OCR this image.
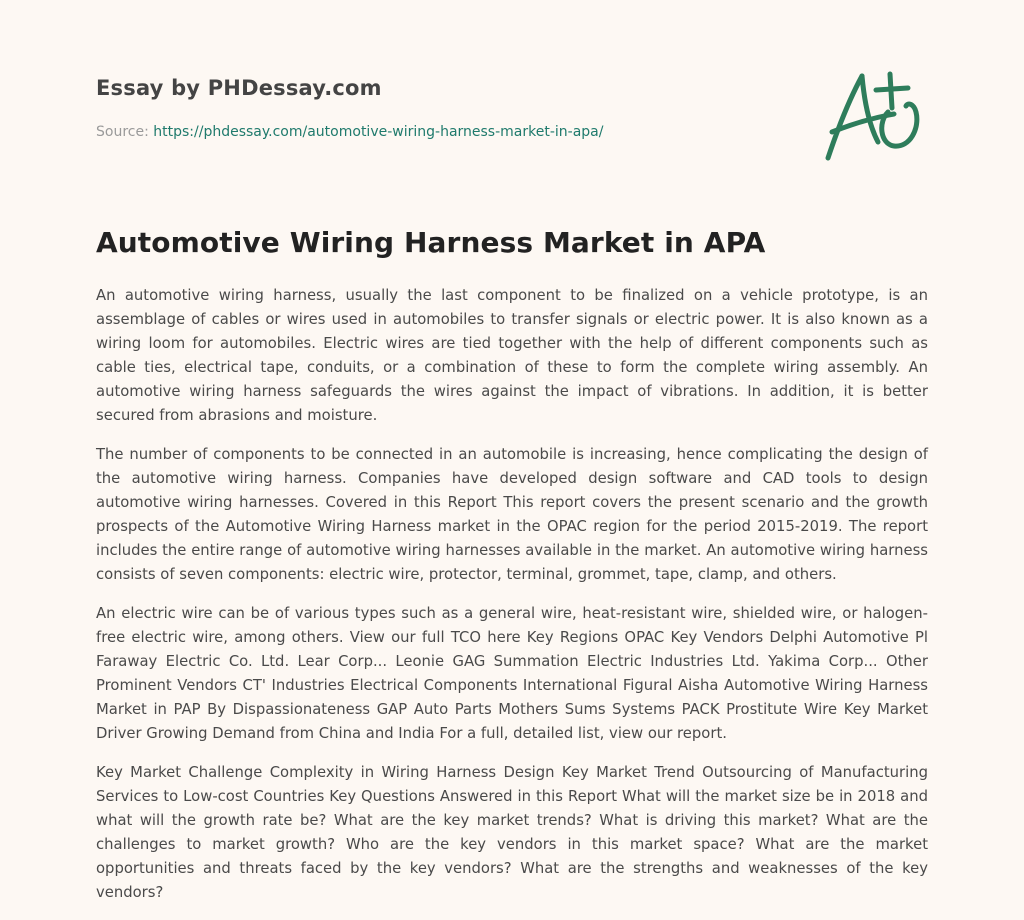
Essay by PHDessay.com
Source: https://phdessay.com/automotive-wiring-harness-market-in-apa/
Automotive Wiring Harness Market in APA

An automotive wiring harness, usually the last component to be finalized on a vehicle prototype, is an assemblage of cables or wires used in automobiles to transfer signals or electric power. It is also known as a wiring loom for automobiles. Electric wires are tied together with the help of different components such as cable ties, electrical tape, conduits, or a combination of these to form the complete wiring assembly. An automotive wiring harness safeguards the wires against the impact of vibrations. In addition, it is better secured from abrasions and moisture.

The number of components to be connected in an automobile is increasing, hence complicating the design of the automotive wiring harness. Companies have developed design software and CAD tools to design automotive wiring harnesses. Covered in this Report This report covers the present scenario and the growth prospects of the Automotive Wiring Harness market in the OPAC region for the period 2015-2019. The report includes the entire range of automotive wiring harnesses available in the market. An automotive wiring harness consists of seven components: electric wire, protector, terminal, grommet, tape, clamp, and others.

An electric wire can be of various types such as a general wire, heat-resistant wire, shielded wire, or halogen-free electric wire, among others. View our full TCO here Key Regions OPAC Key Vendors Delphi Automotive Pl Faraway Electric Co. Ltd. Lear Corp... Leonie GAG Summation Electric Industries Ltd. Yakima Corp... Other Prominent Vendors CT' Industries Electrical Components International Figural Aisha Automotive Wiring Harness Market in PAP By Dispassionateness GAP Auto Parts Mothers Sums Systems PACK Prostitute Wire Key Market Driver Growing Demand from China and India For a full, detailed list, view our report.

Key Market Challenge Complexity in Wiring Harness Design Key Market Trend Outsourcing of Manufacturing Services to Low-cost Countries Key Questions Answered in this Report What will the market size be in 2018 and what will the growth rate be? What are the key market trends? What is driving this market? What are the challenges to market growth? Who are the key vendors in this market space? What are the market opportunities and threats faced by the key vendors? What are the strengths and weaknesses of the key vendors?
